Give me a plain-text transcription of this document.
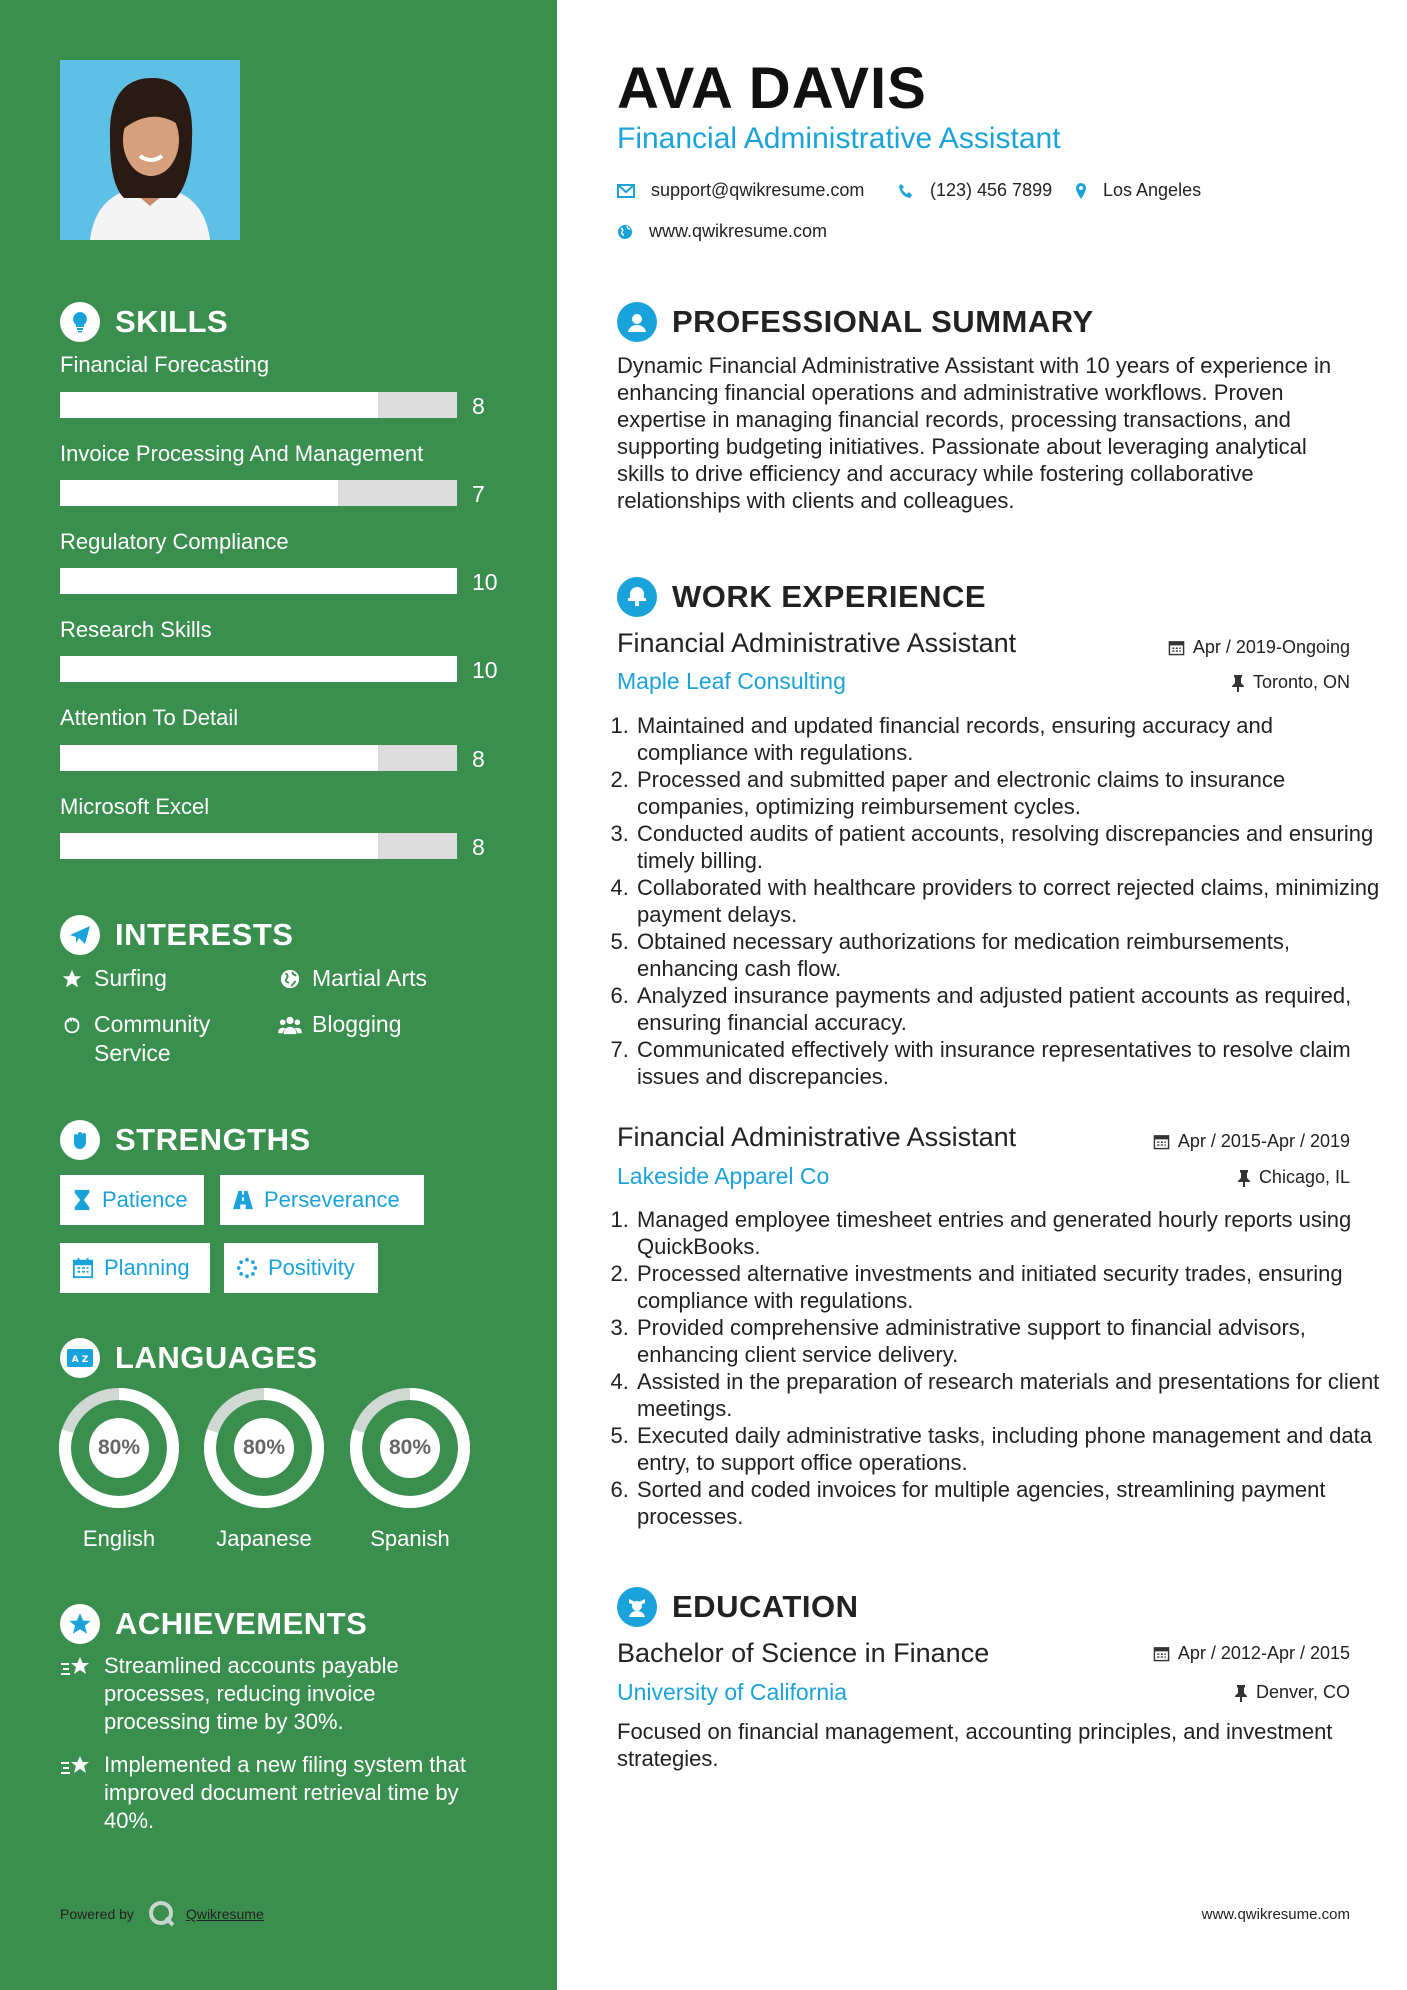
SKILLS
Financial Forecasting
8
Invoice Processing And Management
7
Regulatory Compliance
10
Research Skills
10
Attention To Detail
8
Microsoft Excel
8
INTERESTS
Surfing	Martial Arts
Community Service
Blogging
STRENGTHS
Patience	Perseverance
Planning	Positivity
A Z LANGUAGES
80%
English
80%
Japanese
80%
Spanish
ACHIEVEMENTS
Streamlined accounts payable processes, reducing invoice processing time by 30%.
Implemented a new filing system that improved document retrieval time by 40%.
Powered by	Qwikresume
AVA DAVIS
Financial Administrative Assistant
support@qwikresume.com	(123) 456 7899	Los Angeles
www.qwikresume.com
PROFESSIONAL SUMMARY
Dynamic Financial Administrative Assistant with 10 years of experience in enhancing financial operations and administrative workflows. Proven expertise in managing financial records, processing transactions, and supporting budgeting initiatives. Passionate about leveraging analytical skills to drive efficiency and accuracy while fostering collaborative relationships with clients and colleagues.
WORK EXPERIENCE
Financial Administrative Assistant	Apr / 2019-Ongoing
Maple Leaf Consulting	Toronto, ON
1. Maintained and updated financial records, ensuring accuracy and compliance with regulations.
2. Processed and submitted paper and electronic claims to insurance companies, optimizing reimbursement cycles.
3. Conducted audits of patient accounts, resolving discrepancies and ensuring timely billing.
4. Collaborated with healthcare providers to correct rejected claims, minimizing payment delays.
5. Obtained necessary authorizations for medication reimbursements, enhancing cash flow.
6. Analyzed insurance payments and adjusted patient accounts as required, ensuring financial accuracy.
7. Communicated effectively with insurance representatives to resolve claim issues and discrepancies.
Financial Administrative Assistant	Apr / 2015-Apr / 2019
Lakeside Apparel Co	Chicago, IL
1. Managed employee timesheet entries and generated hourly reports using QuickBooks.
2. Processed alternative investments and initiated security trades, ensuring compliance with regulations.
3. Provided comprehensive administrative support to financial advisors, enhancing client service delivery.
4. Assisted in the preparation of research materials and presentations for client meetings.
5. Executed daily administrative tasks, including phone management and data entry, to support office operations.
6. Sorted and coded invoices for multiple agencies, streamlining payment processes.
EDUCATION
Bachelor of Science in Finance	Apr / 2012-Apr / 2015
University of California	Denver, CO
Focused on financial management, accounting principles, and investment strategies.
www.qwikresume.com
